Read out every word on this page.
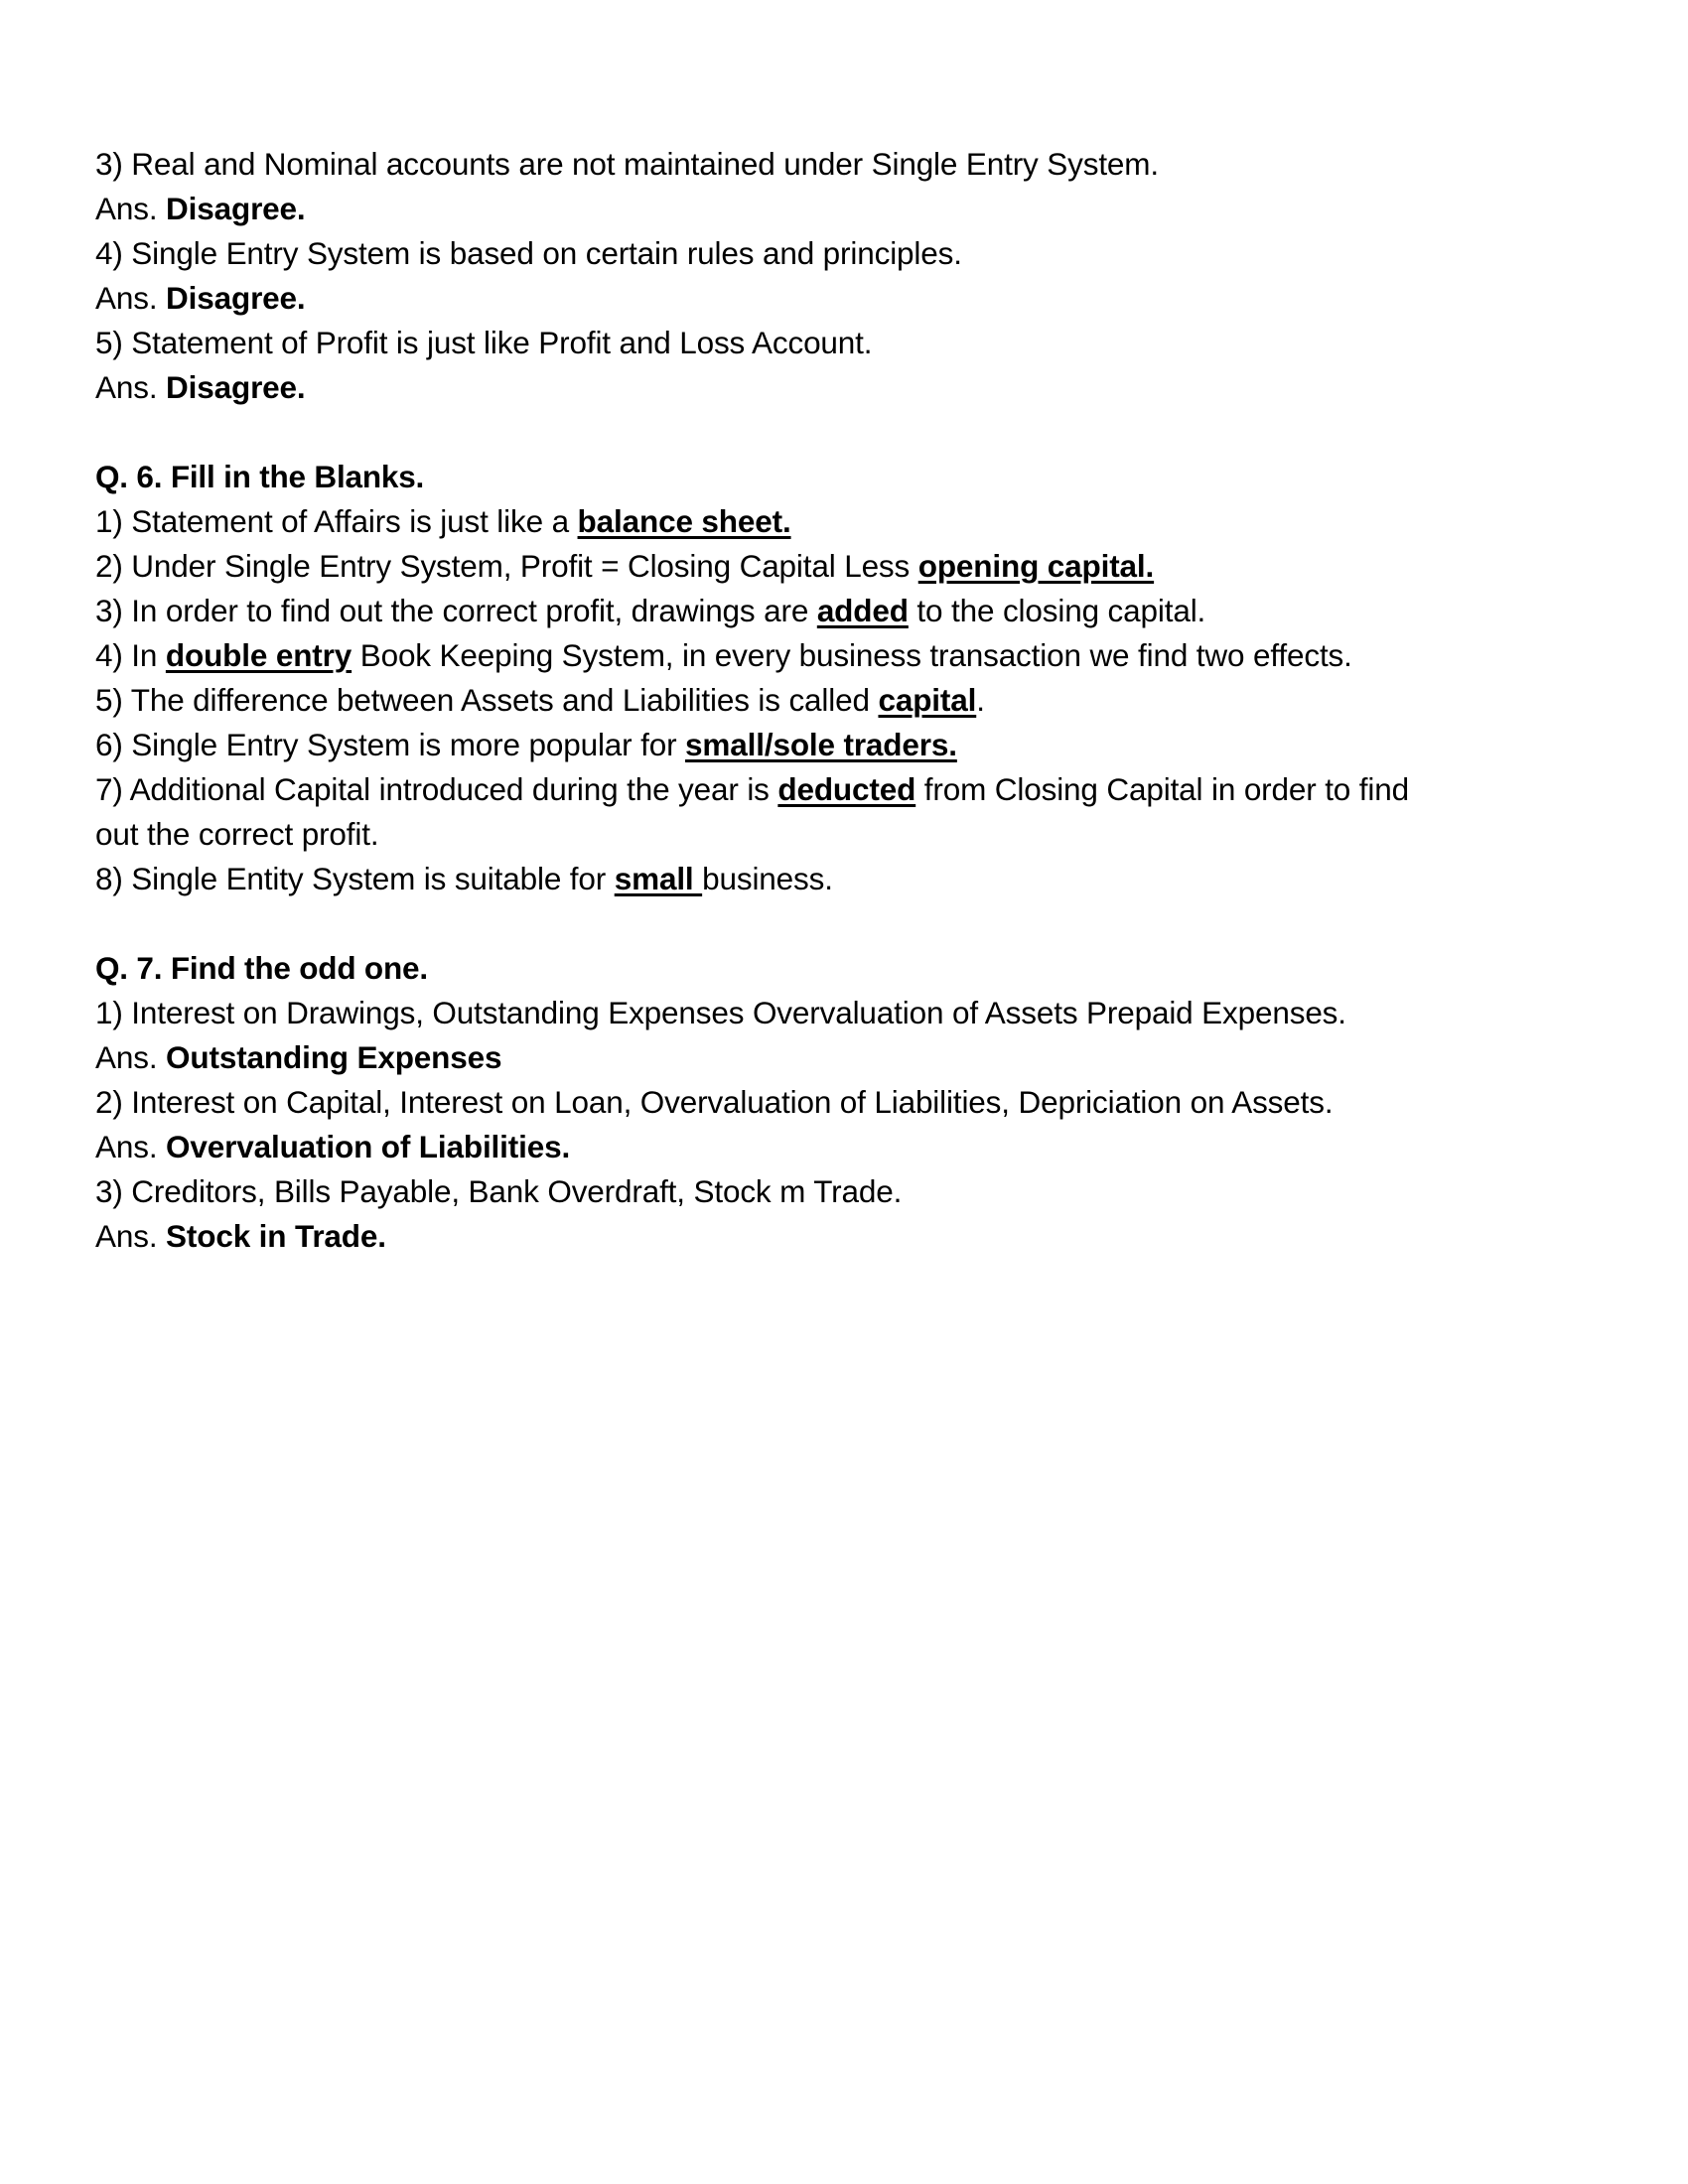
3) Real and Nominal accounts are not maintained under Single Entry System.

Ans. Disagree.

4) Single Entry System is based on certain rules and principles.

Ans. Disagree.

5) Statement of Profit is just like Profit and Loss Account.

Ans. Disagree.

Q. 6. Fill in the Blanks.

1) Statement of Affairs is just like a balance sheet.

2) Under Single Entry System, Profit = Closing Capital Less opening capital.

3) In order to find out the correct profit, drawings are added to the closing capital.

4) In double entry Book Keeping System, in every business transaction we find two effects.

5) The difference between Assets and Liabilities is called capital.

6) Single Entry System is more popular for small/sole traders.

7) Additional Capital introduced during the year is deducted from Closing Capital in order to find out the correct profit.

8) Single Entity System is suitable for small business.

Q. 7. Find the odd one.

1) Interest on Drawings, Outstanding Expenses Overvaluation of Assets Prepaid Expenses.

Ans. Outstanding Expenses

2) Interest on Capital, Interest on Loan, Overvaluation of Liabilities, Depriciation on Assets.

Ans. Overvaluation of Liabilities.

3) Creditors, Bills Payable, Bank Overdraft, Stock m Trade.

Ans. Stock in Trade.
